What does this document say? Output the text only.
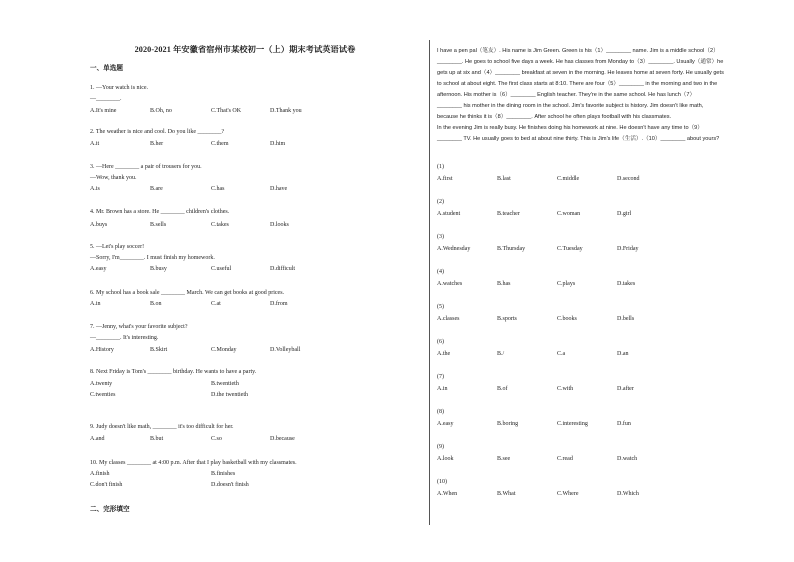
2020-2021 年安徽省宿州市某校初一（上）期末考试英语试卷
一、单选题
二、完形填空
1. —Your watch is nice.
—________.
A.It's mine	B.Oh, no	C.That's OK	D.Thank you
2. The weather is nice and cool. Do you like ________?
A.it	B.her	C.them	D.him
3. —Here ________ a pair of trousers for you.
—Wow, thank you.
A.is	B.are	C.has	D.have
4. Mr. Brown has a store. He ________ children's clothes.
A.buys	B.sells	C.takes	D.looks
5. —Let's play soccer!
—Sorry, I'm________. I must finish my homework.
A.easy	B.busy	C.useful	D.difficult
6. My school has a book sale ________ March. We can get books at good prices.
A.in	B.on	C.at	D.from
7. —Jenny, what's your favorite subject?
—________. It's interesting.
A.History	B.Skirt	C.Monday	D.Volleyball
8. Next Friday is Tom's ________ birthday. He wants to have a party.
A.twenty	B.twentieth
C.twenties	D.the twentieth
9. Judy doesn't like math, ________ it's too difficult for her.
A.and	B.but	C.so	D.because
10. My classes ________ at 4:00 p.m. After that I play basketball with my classmates.
A.finish	B.finishes
C.don't finish	D.doesn't finish

I have a pen pal（笔友）. His name is Jim Green. Green is his（1）________ name. Jim is a middle school（2）

________. He goes to school five days a week. He has classes from Monday to（3）________. Usually（通常）he

gets up at six and（4）________ breakfast at seven in the morning. He leaves home at seven forty. He usually gets

to school at about eight. The first class starts at 8:10. There are four（5）________ in the morning and two in the

afternoon. His mother is（6）________ English teacher. They're in the same school. He has lunch（7）

________ his mother in the dining room in the school. Jim's favorite subject is history. Jim doesn't like math,

because he thinks it is（8）________. After school he often plays football with his classmates.

In the evening Jim is really busy. He finishes doing his homework at nine. He doesn't have any time to（9）

________ TV. He usually goes to bed at about nine thirty. This is Jim's life（生活）.（10）________ about yours?

(1)
A.first	B.last	C.middle	D.second
(2)
A.student	B.teacher	C.woman	D.girl
(3)
A.Wednesday	B.Thursday	C.Tuesday	D.Friday
(4)
A.watches	B.has	C.plays	D.takes
(5)
A.classes	B.sports	C.books	D.bells
(6)
A.the	B./	C.a	D.an
(7)
A.in	B.of	C.with	D.after
(8)
A.easy	B.boring	C.interesting	D.fun
(9)
A.look	B.see	C.read	D.watch
(10)
A.When	B.What	C.Where	D.Which
